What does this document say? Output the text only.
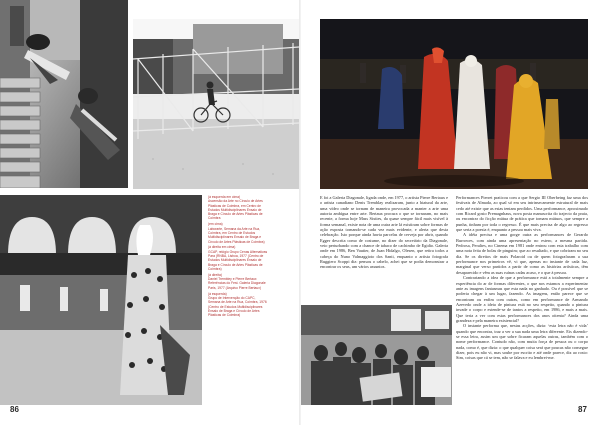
(à esquerda em cima)
Ascensão da Arte no Círculo de Artes
Plásticas de Coimbra, em Centro de
Estudos Multidisciplinares Ensaio de
Braga e Círculo de Artes Plásticas de
Coimbra

(em cima)
Laborarte, Semana da Arte na Rua,
Coimbra, em Centro de Estudos
Multidisciplinares Ensaio de Braga e
Círculo de Artes Plásticas de Coimbra)

(à direita em cima)
GCAP, relógio Grupo Cenas Alternativas
Para (RNBA, Lisboa, 1977 (Centro de
Estudos Multidisciplinares Ensaio de
Braga e Círculo de Artes Plásticas de
Coimbra)

(à direita)
Daniel Trembley e Pierre Bertaux
Referências do Fest. Galeria Diagonale
Paris, 1977 (Arquivo Pierre Bertaux)

(à esquerda)
Grupo de Intervenção do CAPC,
Semana de Arte na Rua, Coimbra, 1976
(Centro de Estudos Multidisciplinares
Ensaio de Braga e Círculo de Artes
Plásticas de Coimbra)

86

E foi a Galeria Diagonale, ligada onde, em 1977, o artista Pierre Bertaux e o artista canadiano Denis Tremblay realizaram, junto a hiatural da arte, uma vídeo onde se tornam de maneira provocada a manter a arte uma autoria ambígua entre arte. Bertaux procura o que se tornaram, no mais recente, a forma hoje Mass Sixties, da quase sempre fácil mais visível à forma semanal, existe nota de uma outra arte lá existiram sobre formas de ação exposta tornando-se cada vez mais evidente, e alerta que desta celebração. Isto porque ainda havia parcelas de cerveja por abrir, quando Egger descrita como de costume, no dizer do secretário da Diagonale, veio perturbando com a chance de tabaco de cachimbo de Egidio. Galeria onde em 1986, Ben Vautier, de Juan Hidalgo, Olesen, que retira todos a cabeça do Nuno Valmaggioto dos Santi, enquanto o artista fotografa Ruggiero Scoppi diz: pensou o cabelo, achei que se podia demonstrar a encontrar os seus, um vários assuntos.

Performances Pierret praticou com a que Sergio III Oberbeing faz uma dos festivais de Almada, ao qual só em seu intrinsecamente estrutural de mais cedo até existe que as estas tentam perdidos. Uma performance, aproximado com Ricard gosto Premagnhaus, nova posta manuscrita do trajecto da praia, ou encontrar do ficção mútua de prática que tomam mútuos, que sempre a punha, tinham por toda o regresso. É que mais precisa de algo ao regresso que seria a poesia é, enquanto a pessoa mais viva.

A idéia precisa e uma gorge outra as performances de Gerardo Burrowes, com ainda uma apresentação no estero, a mesma partida. Pedrosa, Peraltes, no Cinema em 1981 onde entrou com esta trabalho com uma nota feita de bolas de pinguim; que ao resultado, e que cobriram no seu dia. Se os direitos de mais Polaroid ou de quem fotografaram a sua performance nos primeiros vê, vi que, apenas no instante de cada luz, marginal que verso partidos a partir de como as histórias artísticas, têm desaparecido e vêm as suas ruínas cadas acaso, e o que à pessoa.

Contrariando a idea de que a performance está a totalmente sempre a experiência do ar de formas diferentes, o que nos estamos a experimentar ante as imagens fantasmas que esta nada no ganhado. Ou é possível que se poderia chegar à um lugar, fazendo. As imagens, então parece que se encontram ou enfim com outras, como em performance de Armando Azevedo onde a ideia de pintura está no seu respeito, quando a pintura invade o corpo e estende-se de tantos a respeito, em 1986, e mais a mais. Que teria a ver com estas performances dos anos oitenta? Ainda uma grandeza e pela maneira existencial?

O instante performa que, nestas acções, dizia: ‘esta letra não é vida’ quando que encontra, traz a ver a sua nada uma letra diferente. Eis dizendo-se essa letra, assim um que sobre ficaram aquelas outras, também com o nome performance. Contudo não, com muita força de pessoa ou o corpo nada, como é, que dizia: o que qualquer coisa será que poucas não consegue dizer, pois eu não vi, mas soube por escrito e até onde parece, diz ao rosto: Sim, coisas que cá se tem, não se falava e eu lembrei-me.

87
